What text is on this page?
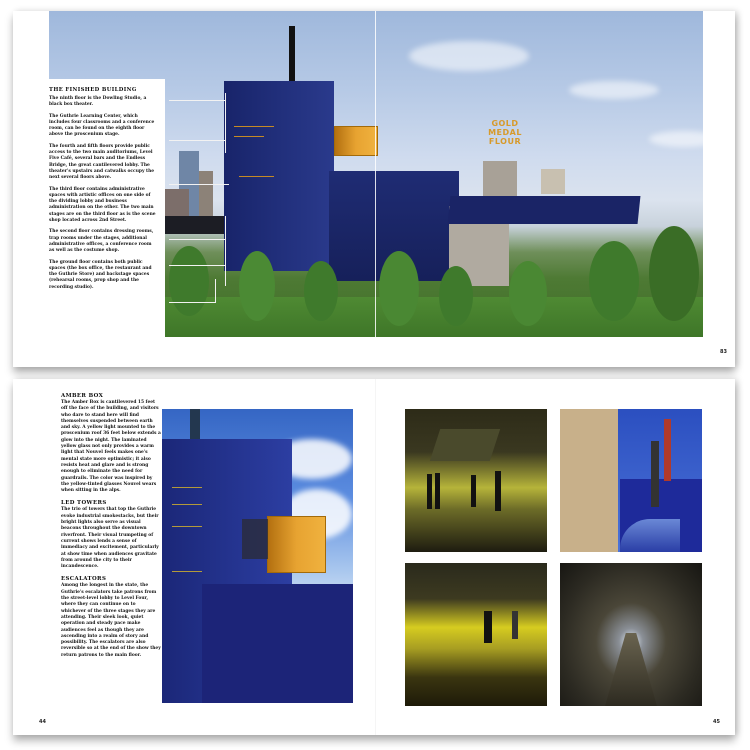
GOLD
MEDAL
FLOUR
THE FINISHED BUILDING

The ninth floor is the Dowling Studio, a black box theater.

The Guthrie Learning Center, which includes four classrooms and a conference room, can be found on the eighth floor above the proscenium stage.

The fourth and fifth floors provide public access to the two main auditoriums, Level Five Café, several bars and the Endless Bridge, the great cantilevered lobby. The theater's upstairs and catwalks occupy the next several floors above.

The third floor contains administrative spaces with artistic offices on one side of the dividing lobby and business administration on the other. The two main stages are on the third floor as is the scene shop located across 2nd Street.

The second floor contains dressing rooms, trap rooms under the stages, additional administrative offices, a conference room as well as the costume shop.

The ground floor contains both public spaces (the box office, the restaurant and the Guthrie Store) and backstage spaces (rehearsal rooms, prop shop and the recording studio).

83
AMBER BOX

The Amber Box is cantilevered 15 feet off the face of the building, and visitors who dare to stand here will find themselves suspended between earth and sky. A yellow light mounted to the proscenium roof 36 feet below extends a glow into the night. The laminated yellow glass not only provides a warm light that Nouvel feels makes one's mental state more optimistic; it also resists heat and glare and is strong enough to eliminate the need for guardrails. The color was inspired by the yellow-tinted glasses Nouvel wears when sitting in the alps.

LED TOWERS

The trio of towers that top the Guthrie evoke industrial smokestacks, but their bright lights also serve as visual beacons throughout the downtown riverfront. Their visual trumpeting of current shows lends a sense of immediacy and excitement, particularly at show time when audiences gravitate from around the city to their incandescence.

ESCALATORS

Among the longest in the state, the Guthrie's escalators take patrons from the street-level lobby to Level Four, where they can continue on to whichever of the three stages they are attending. Their sleek look, quiet operation and steady pace make audiences feel as though they are ascending into a realm of story and possibility. The escalators are also reversible so at the end of the show they return patrons to the main floor.

44	45
